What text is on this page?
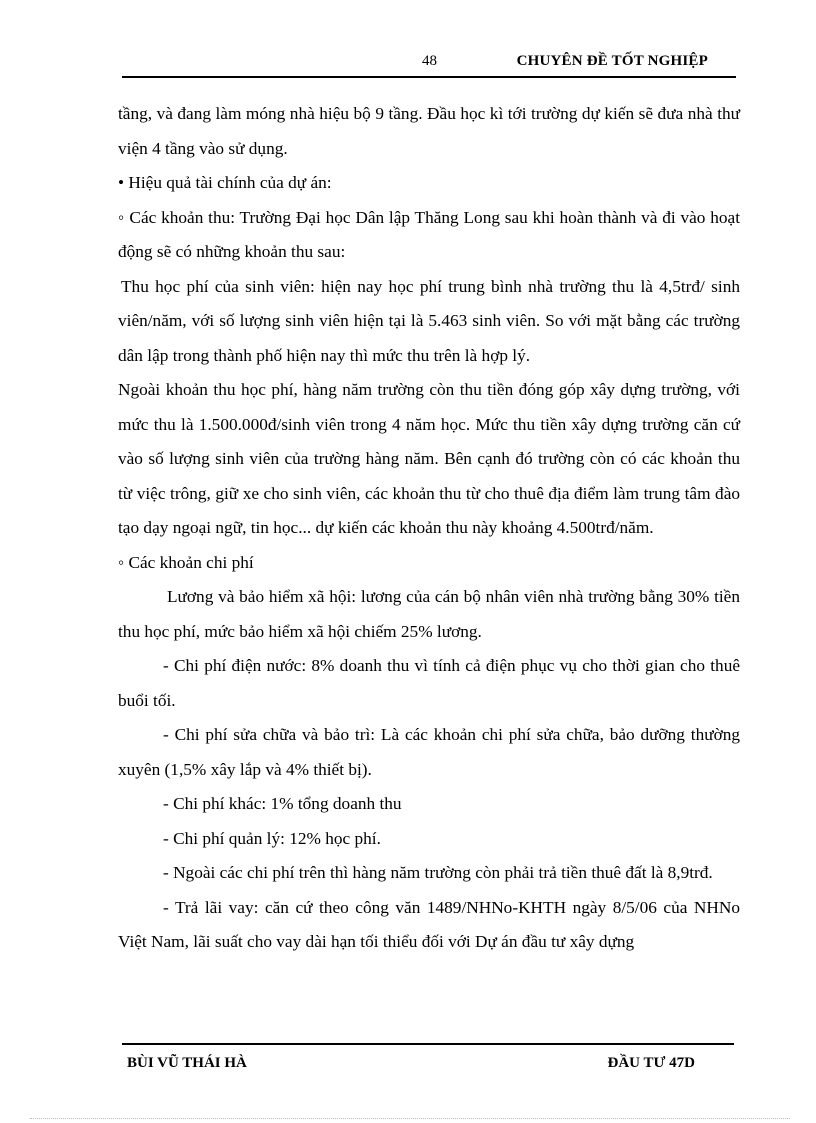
48	CHUYÊN ĐỀ TỐT NGHIỆP

tầng, và đang làm móng nhà hiệu bộ 9 tầng. Đầu học kì tới trường dự kiến sẽ đưa nhà thư viện 4 tầng vào sử dụng.

• Hiệu quả tài chính của dự án:

◦ Các khoản thu: Trường Đại học Dân lập Thăng Long sau khi hoàn thành và đi vào hoạt động sẽ có những khoản thu sau:

Thu học phí của sinh viên: hiện nay học phí trung bình nhà trường thu là 4,5trđ/ sinh viên/năm, với số lượng sinh viên hiện tại là 5.463 sinh viên. So với mặt bằng các trường dân lập trong thành phố hiện nay thì mức thu trên là hợp lý.

Ngoài khoản thu học phí, hàng năm trường còn thu tiền đóng góp xây dựng trường, với mức thu là 1.500.000đ/sinh viên trong 4 năm học. Mức thu tiền xây dựng trường căn cứ vào số lượng sinh viên của trường hàng năm. Bên cạnh đó trường còn có các khoản thu từ việc trông, giữ xe cho sinh viên, các khoản thu từ cho thuê địa điểm làm trung tâm đào tạo dạy ngoại ngữ, tin học... dự kiến các khoản thu này khoảng 4.500trđ/năm.

◦ Các khoản chi phí

Lương và bảo hiểm xã hội: lương của cán bộ nhân viên nhà trường bằng 30% tiền thu học phí, mức bảo hiểm xã hội chiếm 25% lương.

- Chi phí điện nước: 8% doanh thu vì tính cả điện phục vụ cho thời gian cho thuê buổi tối.

- Chi phí sửa chữa và bảo trì: Là các khoản chi phí sửa chữa, bảo dưỡng thường xuyên (1,5% xây lắp và 4% thiết bị).

- Chi phí khác: 1% tổng doanh thu

- Chi phí quản lý: 12% học phí.

- Ngoài các chi phí trên thì hàng năm trường còn phải trả tiền thuê đất là 8,9trđ.

- Trả lãi vay: căn cứ theo công văn 1489/NHNo-KHTH ngày 8/5/06 của NHNo Việt Nam, lãi suất cho vay dài hạn tối thiểu đối với Dự án đầu tư xây dựng

BÙI VŨ THÁI HÀ	ĐẦU TƯ 47D
